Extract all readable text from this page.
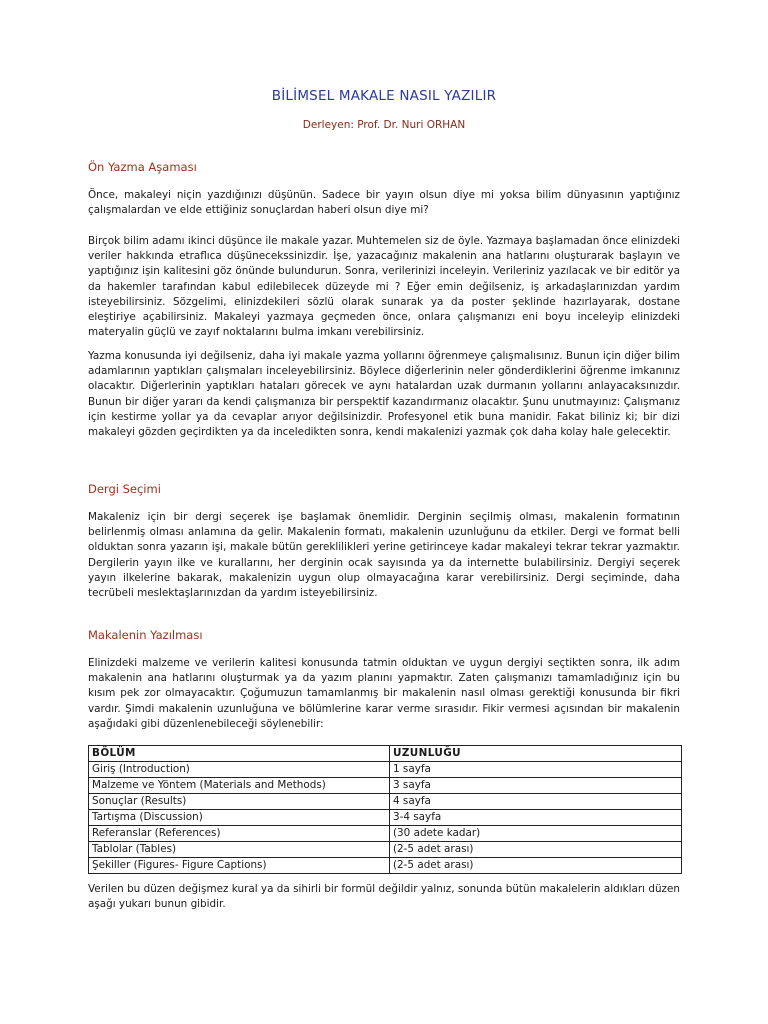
BİLİMSEL MAKALE NASIL YAZILIR

Derleyen: Prof. Dr. Nuri ORHAN

Ön Yazma Aşaması

Önce, makaleyi niçin yazdığınızı düşünün. Sadece bir yayın olsun diye mi yoksa bilim dünyasının yaptığınız çalışmalardan ve elde ettiğiniz sonuçlardan haberi olsun diye mi?

Birçok bilim adamı ikinci düşünce ile makale yazar. Muhtemelen siz de öyle. Yazmaya başlamadan önce elinizdeki veriler hakkında etraflıca düşünecekssinizdir. İşe, yazacağınız makalenin ana hatlarını oluşturarak başlayın ve yaptığınız işin kalitesini göz önünde bulundurun. Sonra, verilerinizi inceleyin. Verileriniz yazılacak ve bir editör ya da hakemler tarafından kabul edilebilecek düzeyde mi ? Eğer emin değilseniz, iş arkadaşlarınızdan yardım isteyebilirsiniz. Sözgelimi, elinizdekileri sözlü olarak sunarak ya da poster şeklinde hazırlayarak, dostane eleştiriye açabilirsiniz. Makaleyi yazmaya geçmeden önce, onlara çalışmanızı eni boyu inceleyip elinizdeki materyalin güçlü ve zayıf noktalarını bulma imkanı verebilirsiniz.

Yazma konusunda iyi değilseniz, daha iyi makale yazma yollarını öğrenmeye çalışmalısınız. Bunun için diğer bilim adamlarının yaptıkları çalışmaları inceleyebilirsiniz. Böylece diğerlerinin neler gönderdiklerini öğrenme imkanınız olacaktır. Diğerlerinin yaptıkları hataları görecek ve aynı hatalardan uzak durmanın yollarını anlayacaksınızdır. Bunun bir diğer yararı da kendi çalışmanıza bir perspektif kazandırmanız olacaktır. Şunu unutmayınız: Çalışmanız için kestirme yollar ya da cevaplar arıyor değilsinizdir. Profesyonel etik buna manidir. Fakat biliniz ki; bir dizi makaleyi gözden geçirdikten ya da inceledikten sonra, kendi makalenizi yazmak çok daha kolay hale gelecektir.

Dergi Seçimi

Makaleniz için bir dergi seçerek işe başlamak önemlidir. Derginin seçilmiş olması, makalenin formatının belirlenmiş olması anlamına da gelir. Makalenin formatı, makalenin uzunluğunu da etkiler. Dergi ve format belli olduktan sonra yazarın işi, makale bütün gereklilikleri yerine getirinceye kadar makaleyi tekrar tekrar yazmaktır. Dergilerin yayın ilke ve kurallarını, her derginin ocak sayısında ya da internette bulabilirsiniz. Dergiyi seçerek yayın ilkelerine bakarak, makalenizin uygun olup olmayacağına karar verebilirsiniz. Dergi seçiminde, daha tecrübeli meslektaşlarınızdan da yardım isteyebilirsiniz.

Makalenin Yazılması

Elinizdeki malzeme ve verilerin kalitesi konusunda tatmin olduktan ve uygun dergiyi seçtikten sonra, ilk adım makalenin ana hatlarını oluşturmak ya da yazım planını yapmaktır. Zaten çalışmanızı tamamladığınız için bu kısım pek zor olmayacaktır. Çoğumuzun tamamlanmış bir makalenin nasıl olması gerektiği konusunda bir fikri vardır. Şimdi makalenin uzunluğuna ve bölümlerine karar verme sırasıdır. Fikir vermesi açısından bir makalenin aşağıdaki gibi düzenlenebileceği söylenebilir:

BÖLÜM	UZUNLUĞU
Giriş (Introduction)	1 sayfa
Malzeme ve Yöntem (Materials and Methods)	3 sayfa
Sonuçlar (Results)	4 sayfa
Tartışma (Discussion)	3-4 sayfa
Referanslar (References)	(30 adete kadar)
Tablolar (Tables)	(2-5 adet arası)
Şekiller (Figures- Figure Captions)	(2-5 adet arası)

Verilen bu düzen değişmez kural ya da sihirli bir formül değildir yalnız, sonunda bütün makalelerin aldıkları düzen aşağı yukarı bunun gibidir.
